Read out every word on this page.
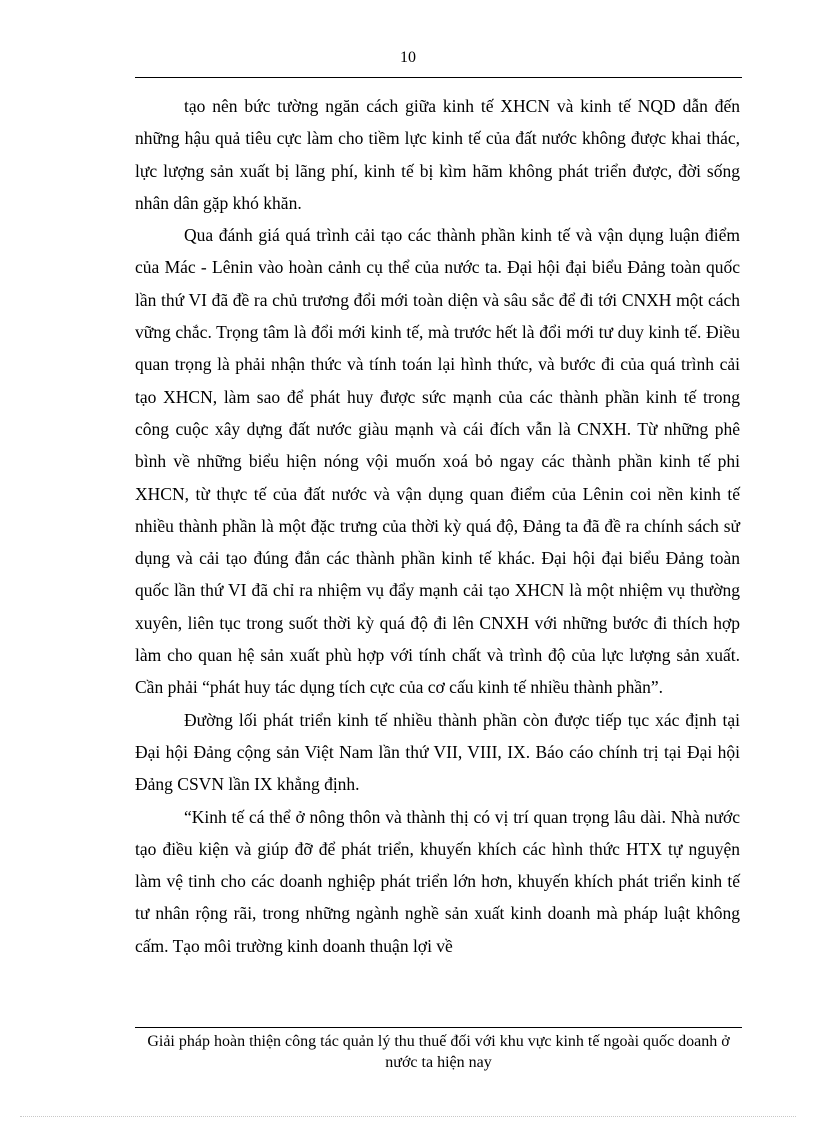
10

tạo nên bức tường ngăn cách giữa kinh tế XHCN và kinh tế NQD dẫn đến những hậu quả tiêu cực làm cho tiềm lực kinh tế của đất nước không được khai thác, lực lượng sản xuất bị lãng phí, kinh tế bị kìm hãm không phát triển được, đời sống nhân dân gặp khó khăn.

Qua đánh giá quá trình cải tạo các thành phần kinh tế và vận dụng luận điểm của Mác - Lênin vào hoàn cảnh cụ thể của nước ta. Đại hội đại biểu Đảng toàn quốc lần thứ VI đã đề ra chủ trương đổi mới toàn diện và sâu sắc để đi tới CNXH một cách vững chắc. Trọng tâm là đổi mới kinh tế, mà trước hết là đổi mới tư duy kinh tế. Điều quan trọng là phải nhận thức và tính toán lại hình thức, và bước đi của quá trình cải tạo XHCN, làm sao để phát huy được sức mạnh của các thành phần kinh tế trong công cuộc xây dựng đất nước giàu mạnh và cái đích vẫn là CNXH. Từ những phê bình về những biểu hiện nóng vội muốn xoá bỏ ngay các thành phần kinh tế phi XHCN, từ thực tế của đất nước và vận dụng quan điểm của Lênin coi nền kinh tế nhiều thành phần là một đặc trưng của thời kỳ quá độ, Đảng ta đã đề ra chính sách sử dụng và cải tạo đúng đắn các thành phần kinh tế khác. Đại hội đại biểu Đảng toàn quốc lần thứ VI đã chỉ ra nhiệm vụ đẩy mạnh cải tạo XHCN là một nhiệm vụ thường xuyên, liên tục trong suốt thời kỳ quá độ đi lên CNXH với những bước đi thích hợp làm cho quan hệ sản xuất phù hợp với tính chất và trình độ của lực lượng sản xuất. Cần phải “phát huy tác dụng tích cực của cơ cấu kinh tế nhiều thành phần”.

Đường lối phát triển kinh tế nhiều thành phần còn được tiếp tục xác định tại Đại hội Đảng cộng sản Việt Nam lần thứ VII, VIII, IX. Báo cáo chính trị tại Đại hội Đảng CSVN lần IX khẳng định.

“Kinh tế cá thể ở nông thôn và thành thị có vị trí quan trọng lâu dài. Nhà nước tạo điều kiện và giúp đỡ để phát triển, khuyến khích các hình thức HTX tự nguyện làm vệ tinh cho các doanh nghiệp phát triển lớn hơn, khuyến khích phát triển kinh tế tư nhân rộng rãi, trong những ngành nghề sản xuất kinh doanh mà pháp luật không cấm. Tạo môi trường kinh doanh thuận lợi về

Giải pháp hoàn thiện công tác quản lý thu thuế đối với khu vực kinh tế ngoài quốc doanh ở nước ta hiện nay
